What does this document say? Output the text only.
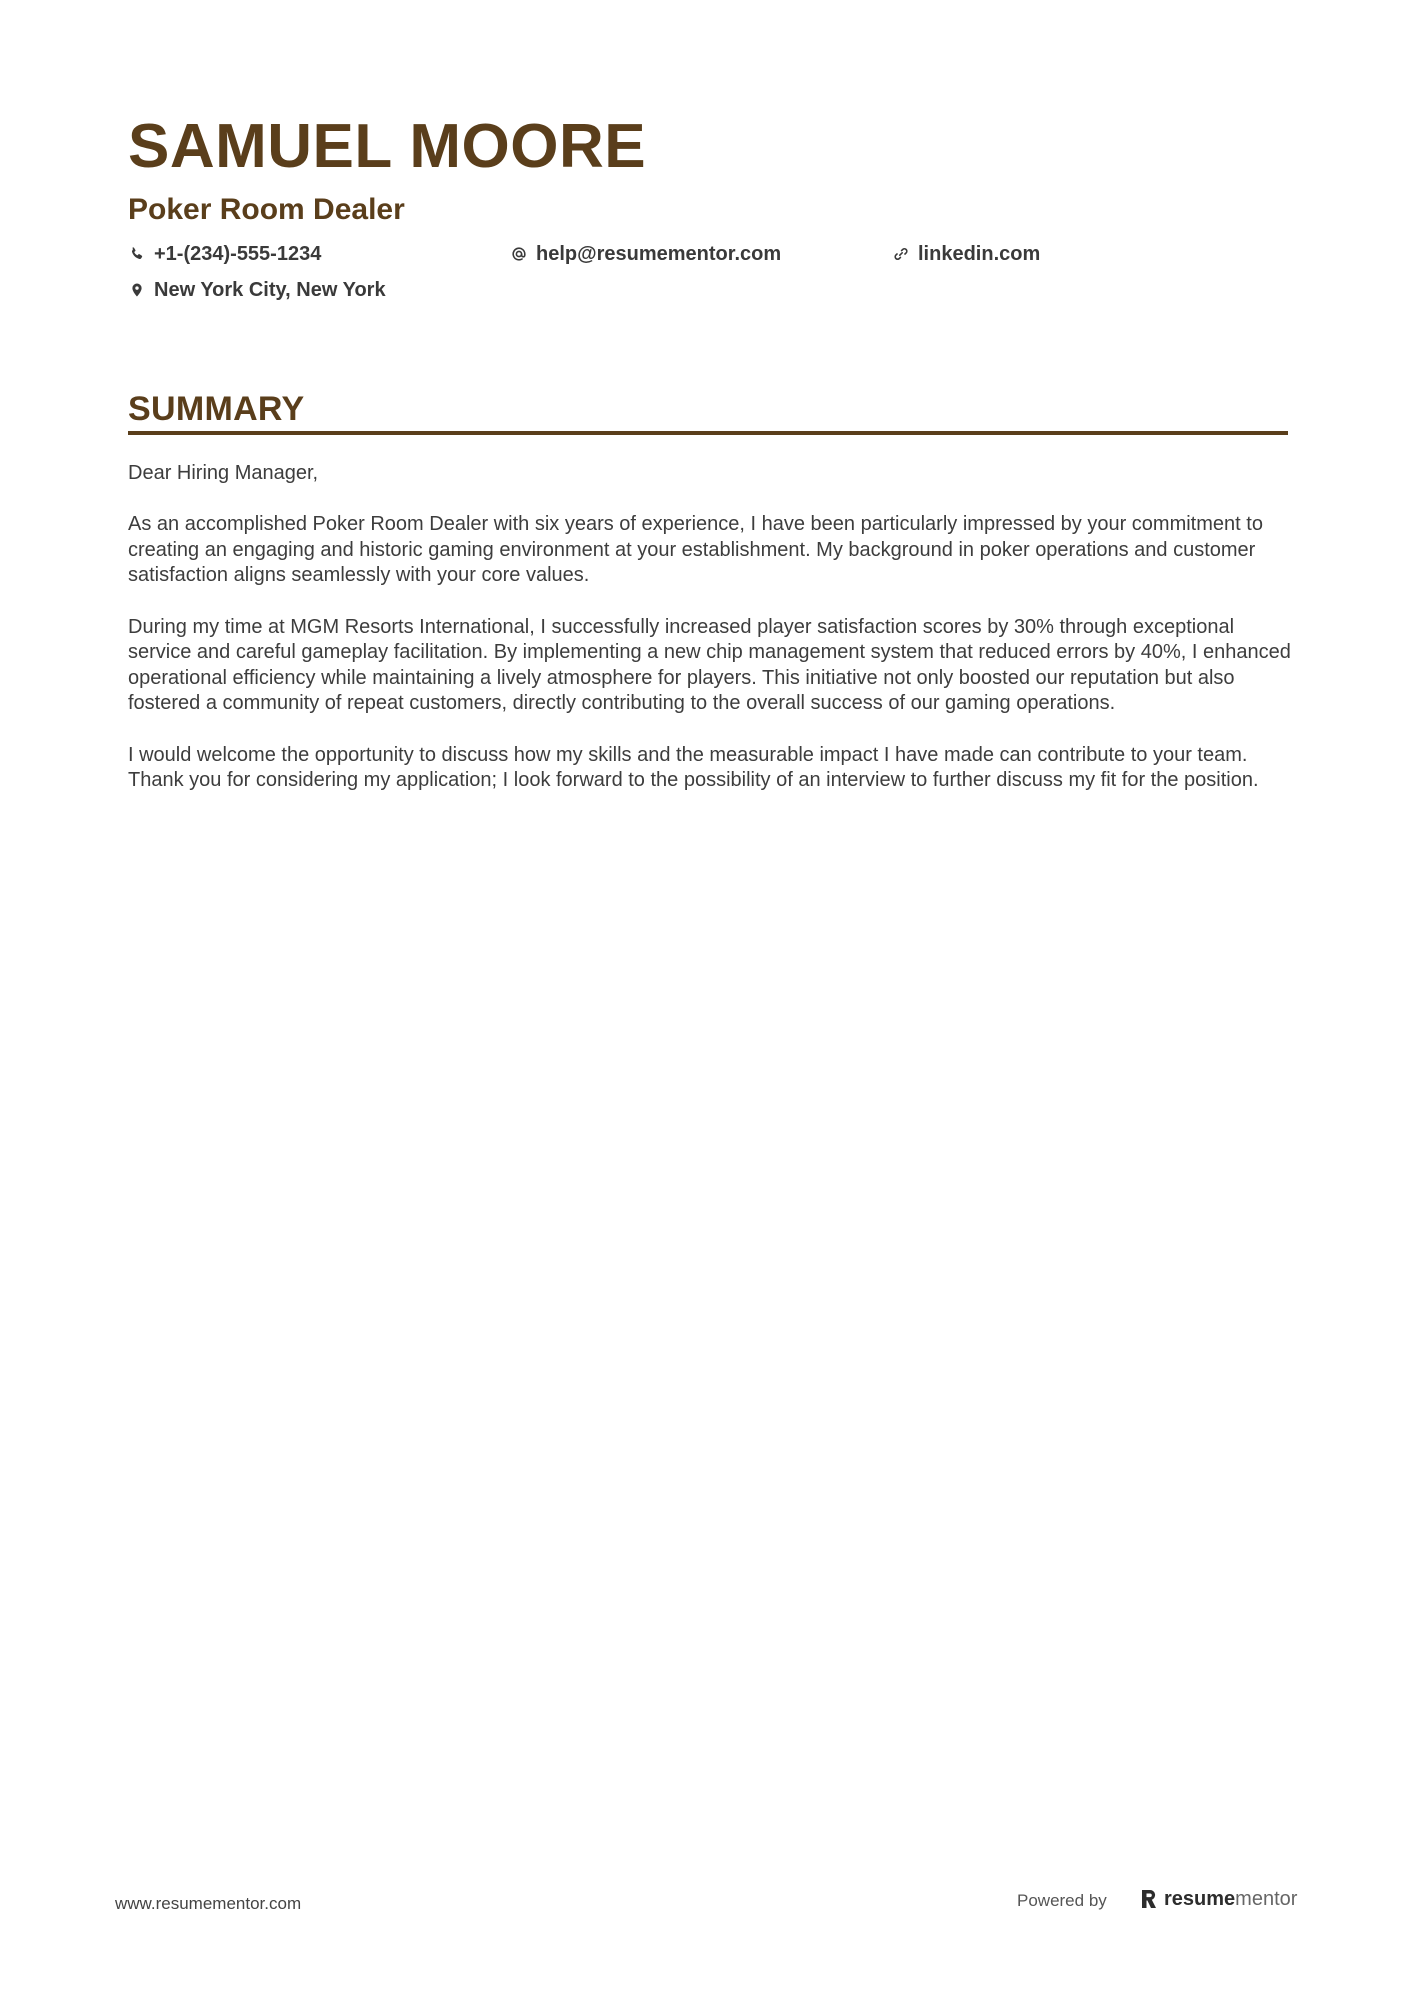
SAMUEL MOORE
Poker Room Dealer
+1-(234)-555-1234	help@resumementor.com	linkedin.com
New York City, New York
SUMMARY

Dear Hiring Manager,

As an accomplished Poker Room Dealer with six years of experience, I have been particularly impressed by your commitment to creating an engaging and historic gaming environment at your establishment. My background in poker operations and customer satisfaction aligns seamlessly with your core values.

During my time at MGM Resorts International, I successfully increased player satisfaction scores by 30% through exceptional service and careful gameplay facilitation. By implementing a new chip management system that reduced errors by 40%, I enhanced operational efficiency while maintaining a lively atmosphere for players. This initiative not only boosted our reputation but also fostered a community of repeat customers, directly contributing to the overall success of our gaming operations.

I would welcome the opportunity to discuss how my skills and the measurable impact I have made can contribute to your team. Thank you for considering my application; I look forward to the possibility of an interview to further discuss my fit for the position.

www.resumementor.com	Powered by	resume mentor
